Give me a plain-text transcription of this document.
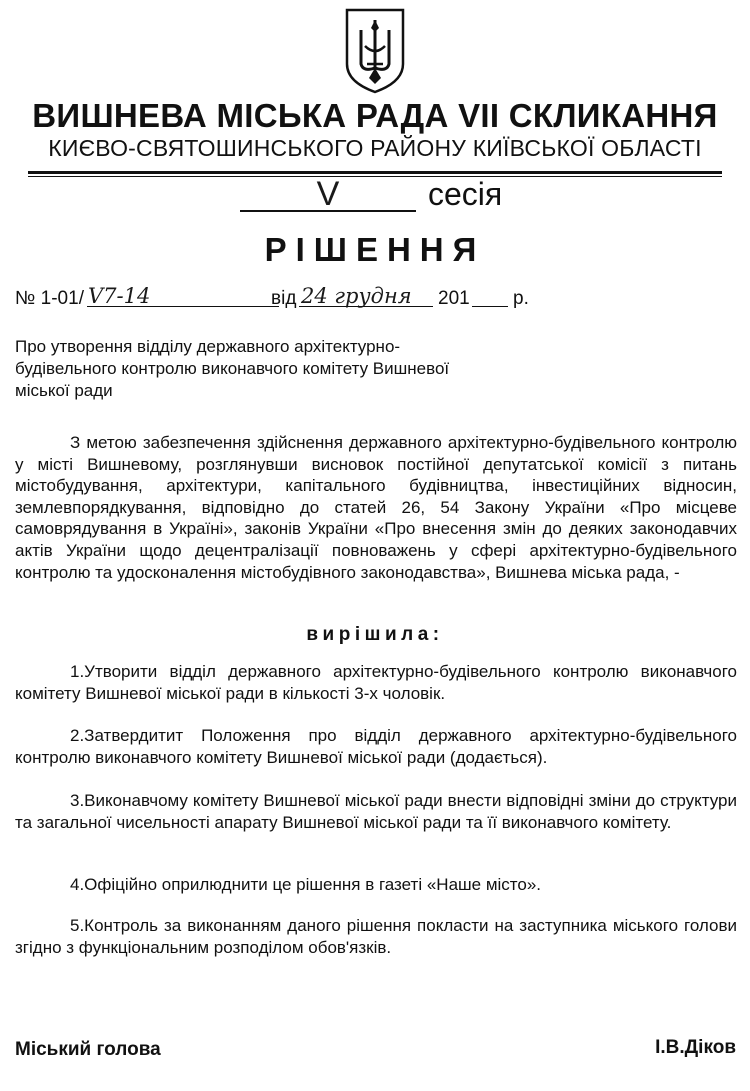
ВИШНЕВА МІСЬКА РАДА VII СКЛИКАННЯ
КИЄВО-СВЯТОШИНСЬКОГО РАЙОНУ КИЇВСЬКОЇ ОБЛАСТІ
V	сесія
РІШЕННЯ
№ 1-01/ V7-14	від 24 грудня 201 р.
Про утворення відділу державного архітектурно-будівельного контролю виконавчого комітету Вишневої міської ради
З метою забезпечення здійснення державного архітектурно-будівельного контролю у місті Вишневому, розглянувши висновок постійної депутатської комісії з питань містобудування, архітектури, капітального будівництва, інвестиційних відносин, землевпорядкування, відповідно до статей 26, 54 Закону України «Про місцеве самоврядування в Україні», законів України «Про внесення змін до деяких законодавчих актів України щодо децентралізації повноважень у сфері архітектурно-будівельного контролю та удосконалення містобудівного законодавства», Вишнева міська рада, -
вирішила:
1.Утворити відділ державного архітектурно-будівельного контролю виконавчого комітету Вишневої міської ради в кількості 3-х чоловік.
2.Затвердитит Положення про відділ державного архітектурно-будівельного контролю виконавчого комітету Вишневої міської ради (додається).
3.Виконавчому комітету Вишневої міської ради внести відповідні зміни до структури та загальної чисельності апарату Вишневої міської ради та її виконавчого комітету.
4.Офіційно оприлюднити це рішення в газеті «Наше місто».
5.Контроль за виконанням даного рішення покласти на заступника міського голови згідно з функціональним розподілом обов'язків.
Міський голова	І.В.Діков
